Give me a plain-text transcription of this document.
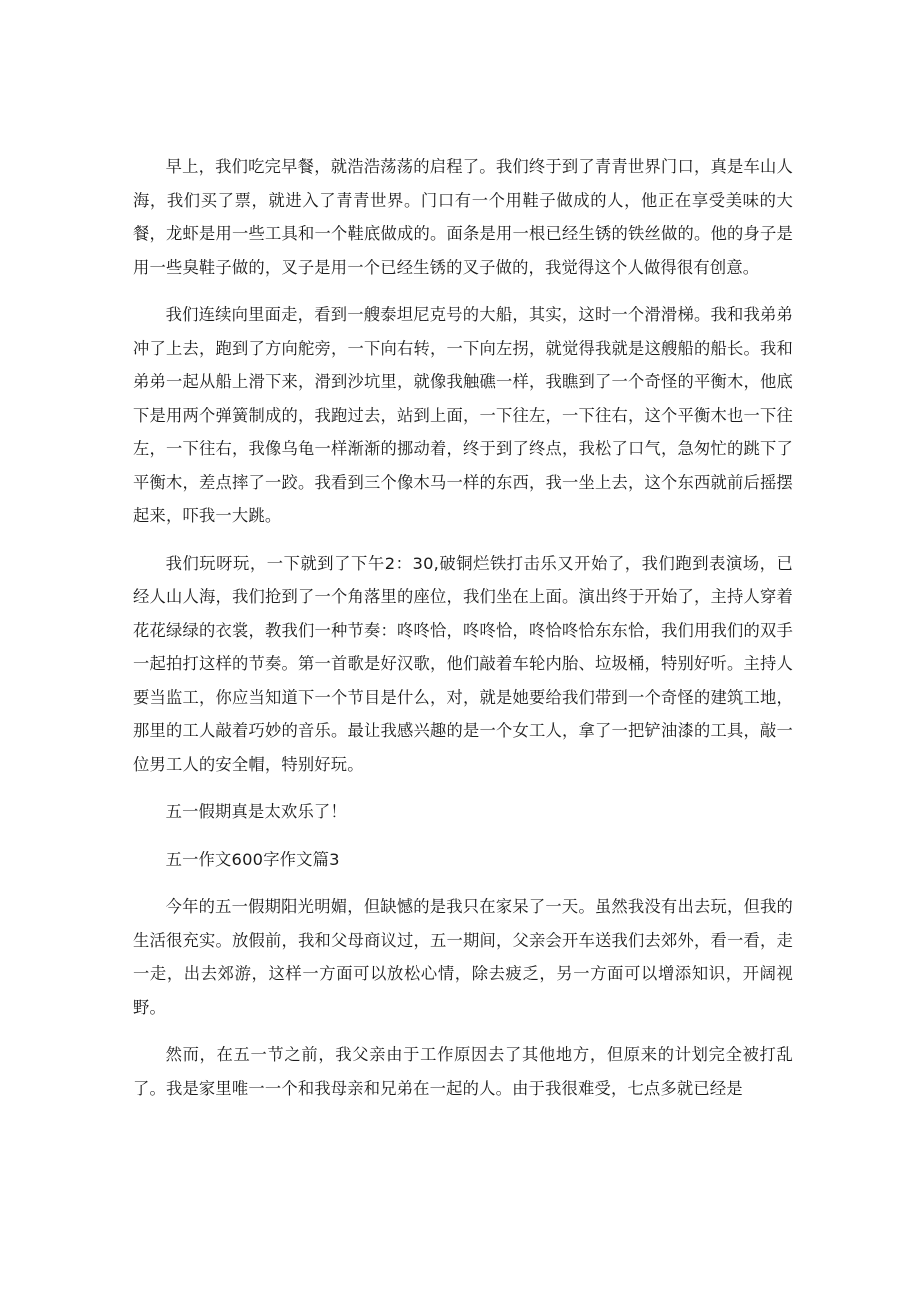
早上，我们吃完早餐，就浩浩荡荡的启程了。我们终于到了青青世界门口，真是车山人海，我们买了票，就进入了青青世界。门口有一个用鞋子做成的人，他正在享受美味的大餐，龙虾是用一些工具和一个鞋底做成的。面条是用一根已经生锈的铁丝做的。他的身子是用一些臭鞋子做的，叉子是用一个已经生锈的叉子做的，我觉得这个人做得很有创意。

我们连续向里面走，看到一艘泰坦尼克号的大船，其实，这时一个滑滑梯。我和我弟弟冲了上去，跑到了方向舵旁，一下向右转，一下向左拐，就觉得我就是这艘船的船长。我和弟弟一起从船上滑下来，滑到沙坑里，就像我触礁一样，我瞧到了一个奇怪的平衡木，他底下是用两个弹簧制成的，我跑过去，站到上面，一下往左，一下往右，这个平衡木也一下往左，一下往右，我像乌龟一样渐渐的挪动着，终于到了终点，我松了口气，急匆忙的跳下了平衡木，差点摔了一跤。我看到三个像木马一样的东西，我一坐上去，这个东西就前后摇摆起来，吓我一大跳。

我们玩呀玩，一下就到了下午2：30,破铜烂铁打击乐又开始了，我们跑到表演场，已经人山人海，我们抢到了一个角落里的座位，我们坐在上面。演出终于开始了，主持人穿着花花绿绿的衣裳，教我们一种节奏：咚咚恰，咚咚恰，咚恰咚恰东东恰，我们用我们的双手一起拍打这样的节奏。第一首歌是好汉歌，他们敲着车轮内胎、垃圾桶，特别好听。主持人要当监工，你应当知道下一个节目是什么，对，就是她要给我们带到一个奇怪的建筑工地，那里的工人敲着巧妙的音乐。最让我感兴趣的是一个女工人，拿了一把铲油漆的工具，敲一位男工人的安全帽，特别好玩。

五一假期真是太欢乐了！

五一作文600字作文篇3

今年的五一假期阳光明媚，但缺憾的是我只在家呆了一天。虽然我没有出去玩，但我的生活很充实。放假前，我和父母商议过，五一期间，父亲会开车送我们去郊外，看一看，走一走，出去郊游，这样一方面可以放松心情，除去疲乏，另一方面可以增添知识，开阔视野。

然而，在五一节之前，我父亲由于工作原因去了其他地方，但原来的计划完全被打乱了。我是家里唯一一个和我母亲和兄弟在一起的人。由于我很难受，七点多就已经是
